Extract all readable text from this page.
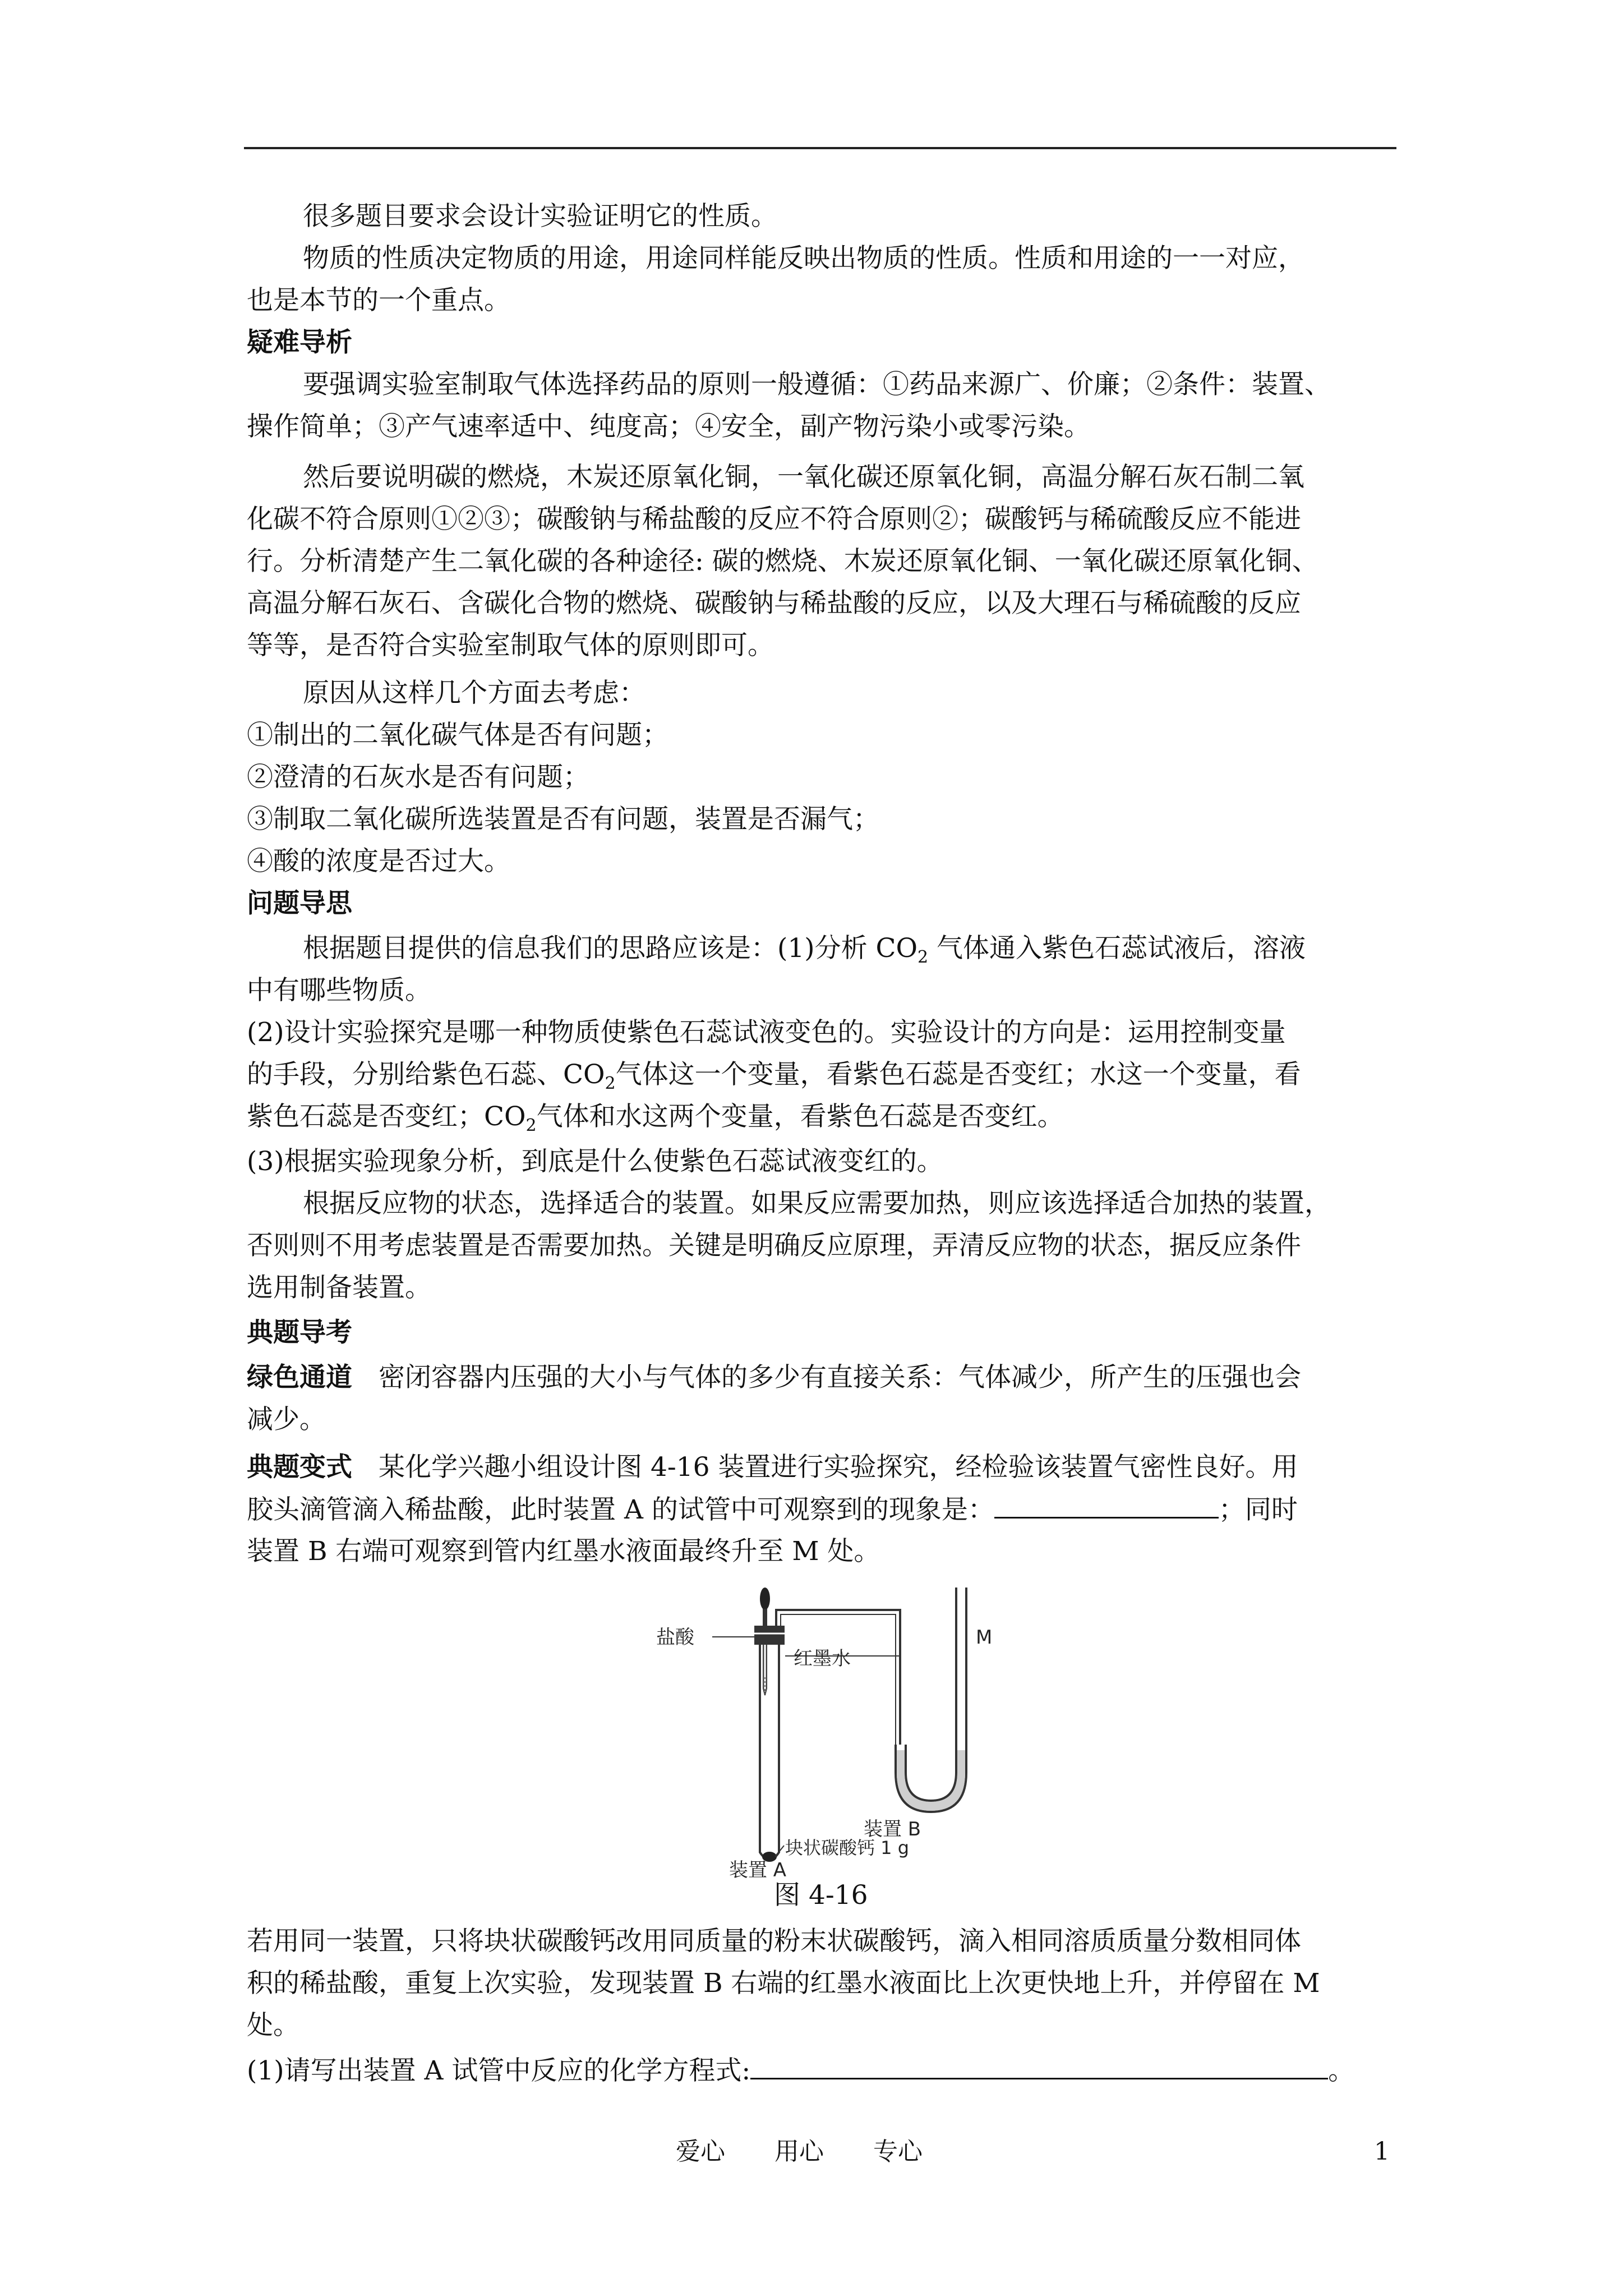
很多题目要求会设计实验证明它的性质。
物质的性质决定物质的用途，用途同样能反映出物质的性质。性质和用途的一一对应，
也是本节的一个重点。
疑难导析
要强调实验室制取气体选择药品的原则一般遵循：①药品来源广、价廉；②条件：装置、
操作简单；③产气速率适中、纯度高；④安全，副产物污染小或零污染。
然后要说明碳的燃烧，木炭还原氧化铜，一氧化碳还原氧化铜，高温分解石灰石制二氧
化碳不符合原则①②③；碳酸钠与稀盐酸的反应不符合原则②；碳酸钙与稀硫酸反应不能进
行。分析清楚产生二氧化碳的各种途径: 碳的燃烧、木炭还原氧化铜、一氧化碳还原氧化铜、
高温分解石灰石、含碳化合物的燃烧、碳酸钠与稀盐酸的反应，以及大理石与稀硫酸的反应
等等，是否符合实验室制取气体的原则即可。
原因从这样几个方面去考虑：
①制出的二氧化碳气体是否有问题；
②澄清的石灰水是否有问题；
③制取二氧化碳所选装置是否有问题，装置是否漏气；
④酸的浓度是否过大。
问题导思
根据题目提供的信息我们的思路应该是：(1)分析 $CO_2$ 气体通入紫色石蕊试液后，溶液
中有哪些物质。
(2)设计实验探究是哪一种物质使紫色石蕊试液变色的。实验设计的方向是：运用控制变量
的手段，分别给紫色石蕊、$CO_2$气体这一个变量，看紫色石蕊是否变红；水这一个变量，看
紫色石蕊是否变红；$CO_2$气体和水这两个变量，看紫色石蕊是否变红。
(3)根据实验现象分析，到底是什么使紫色石蕊试液变红的。
根据反应物的状态，选择适合的装置。如果反应需要加热，则应该选择适合加热的装置，
否则则不用考虑装置是否需要加热。关键是明确反应原理，弄清反应物的状态，据反应条件
选用制备装置。
典题导考
绿色通道　密闭容器内压强的大小与气体的多少有直接关系：气体减少，所产生的压强也会
减少。
典题变式　某化学兴趣小组设计图 4-16 装置进行实验探究，经检验该装置气密性良好。用
胶头滴管滴入稀盐酸，此时装置 A 的试管中可观察到的现象是：	；同时
装置 B 右端可观察到管内红墨水液面最终升至 M 处。
盐酸
红墨水
M
装置 B
块状碳酸钙 1 g
装置 A
图 4-16
若用同一装置，只将块状碳酸钙改用同质量的粉末状碳酸钙，滴入相同溶质质量分数相同体
积的稀盐酸，重复上次实验，发现装置 B 右端的红墨水液面比上次更快地上升，并停留在 M
处。
(1)请写出装置 A 试管中反应的化学方程式:	。
爱心　　用心　　专心	1
